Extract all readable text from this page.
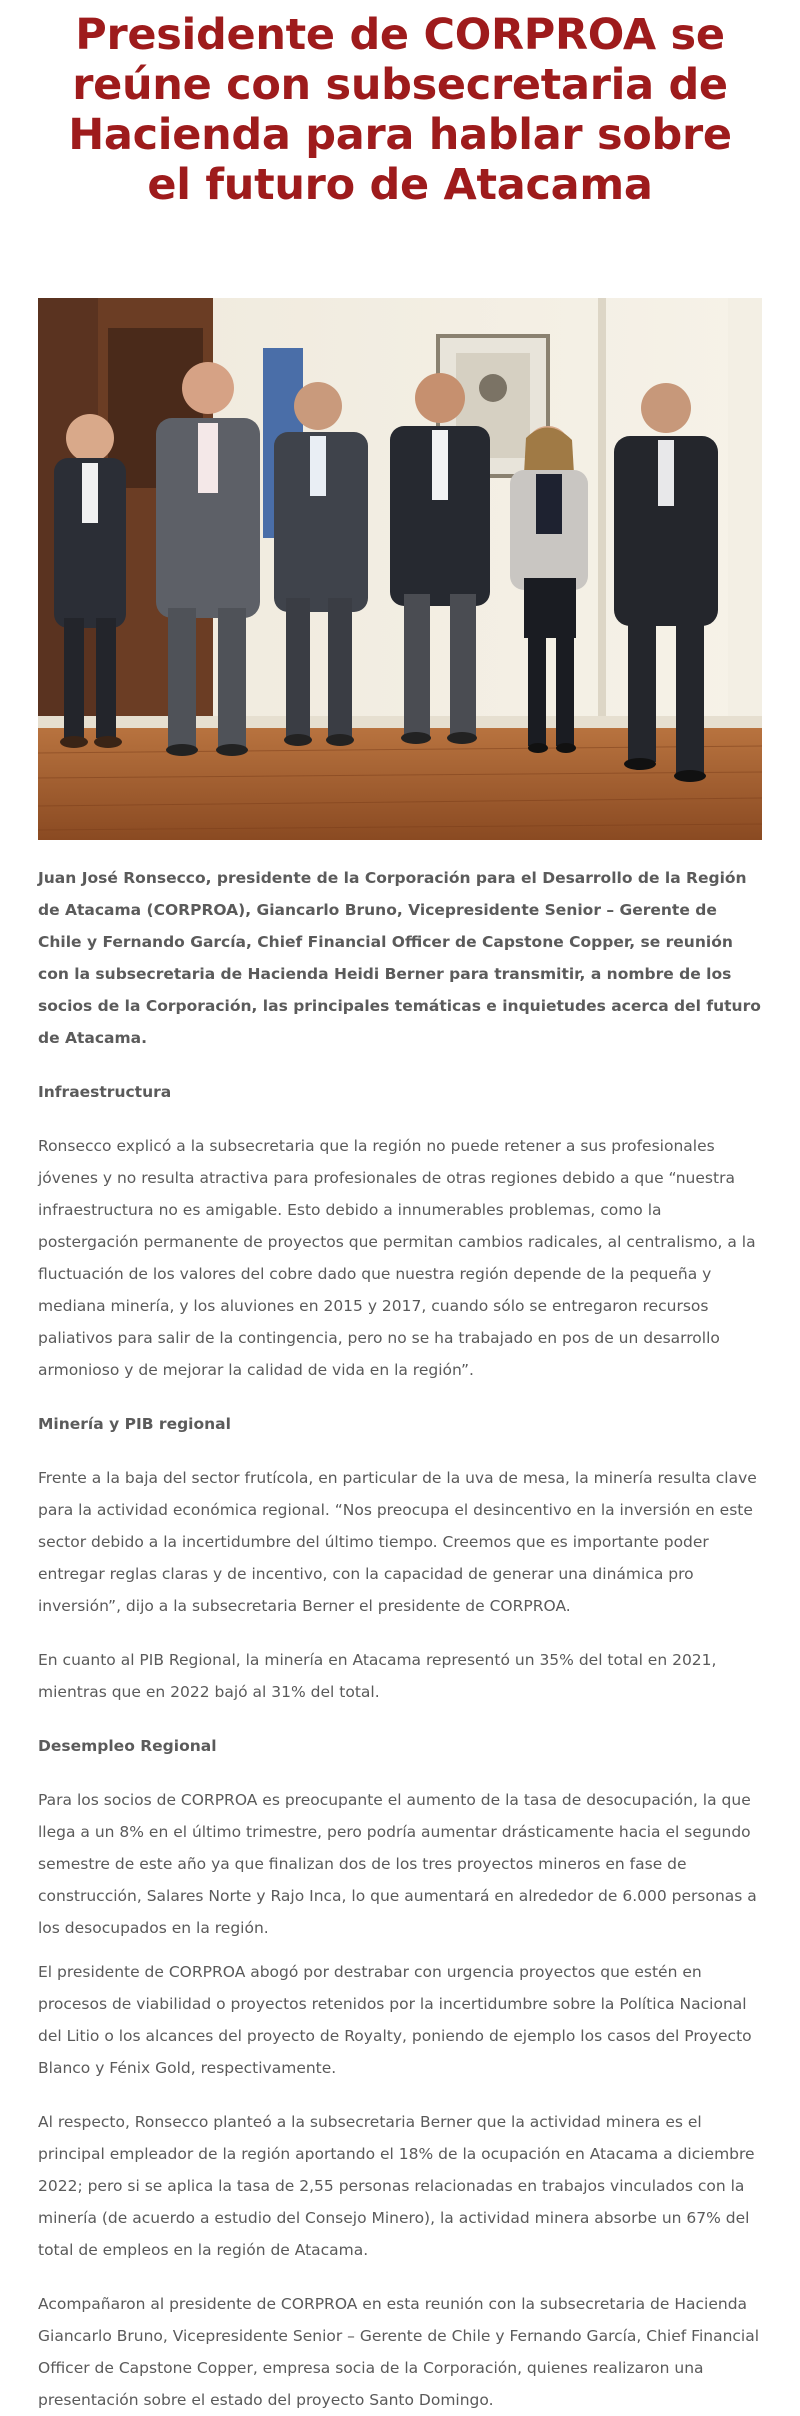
Presidente de CORPROA se reúne con subsecretaria de Hacienda para hablar sobre el futuro de Atacama

Juan José Ronsecco, presidente de la Corporación para el Desarrollo de la Región de Atacama (CORPROA), Giancarlo Bruno, Vicepresidente Senior – Gerente de Chile y Fernando García, Chief Financial Officer de Capstone Copper, se reunión con la subsecretaria de Hacienda Heidi Berner para transmitir, a nombre de los socios de la Corporación, las principales temáticas e inquietudes acerca del futuro de Atacama.

Infraestructura

Ronsecco explicó a la subsecretaria que la región no puede retener a sus profesionales jóvenes y no resulta atractiva para profesionales de otras regiones debido a que “nuestra infraestructura no es amigable. Esto debido a innumerables problemas, como la postergación permanente de proyectos que permitan cambios radicales, al centralismo, a la fluctuación de los valores del cobre dado que nuestra región depende de la pequeña y mediana minería, y los aluviones en 2015 y 2017, cuando sólo se entregaron recursos paliativos para salir de la contingencia, pero no se ha trabajado en pos de un desarrollo armonioso y de mejorar la calidad de vida en la región”.

Minería y PIB regional

Frente a la baja del sector frutícola, en particular de la uva de mesa, la minería resulta clave para la actividad económica regional. “Nos preocupa el desincentivo en la inversión en este sector debido a la incertidumbre del último tiempo. Creemos que es importante poder entregar reglas claras y de incentivo, con la capacidad de generar una dinámica pro inversión”, dijo a la subsecretaria Berner el presidente de CORPROA.

En cuanto al PIB Regional, la minería en Atacama representó un 35% del total en 2021, mientras que en 2022 bajó al 31% del total.

Desempleo Regional

Para los socios de CORPROA es preocupante el aumento de la tasa de desocupación, la que llega a un 8% en el último trimestre, pero podría aumentar drásticamente hacia el segundo semestre de este año ya que finalizan dos de los tres proyectos mineros en fase de construcción, Salares Norte y Rajo Inca, lo que aumentará en alrededor de 6.000 personas a los desocupados en la región.

El presidente de CORPROA abogó por destrabar con urgencia proyectos que estén en procesos de viabilidad o proyectos retenidos por la incertidumbre sobre la Política Nacional del Litio o los alcances del proyecto de Royalty, poniendo de ejemplo los casos del Proyecto Blanco y Fénix Gold, respectivamente.

Al respecto, Ronsecco planteó a la subsecretaria Berner que la actividad minera es el principal empleador de la región aportando el 18% de la ocupación en Atacama a diciembre 2022; pero si se aplica la tasa de 2,55 personas relacionadas en trabajos vinculados con la minería (de acuerdo a estudio del Consejo Minero), la actividad minera absorbe un 67% del total de empleos en la región de Atacama.

Acompañaron al presidente de CORPROA en esta reunión con la subsecretaria de Hacienda Giancarlo Bruno, Vicepresidente Senior – Gerente de Chile y Fernando García, Chief Financial Officer de Capstone Copper, empresa socia de la Corporación, quienes realizaron una presentación sobre el estado del proyecto Santo Domingo.
